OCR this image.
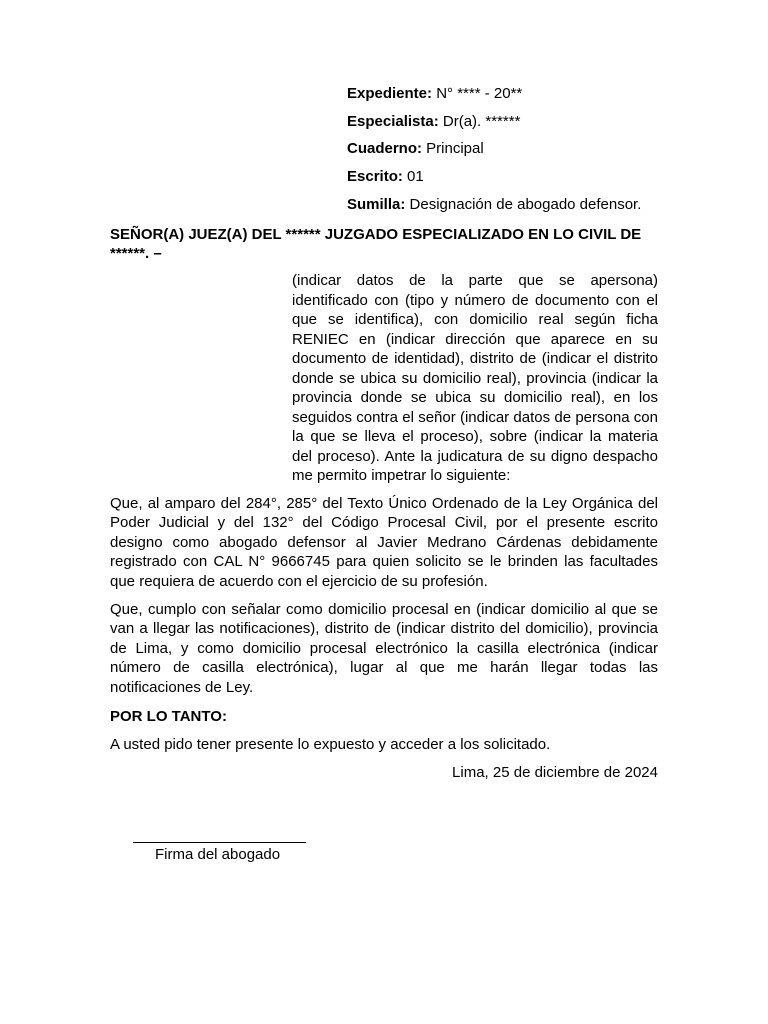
Expediente: N° **** - 20**
Especialista: Dr(a). ******
Cuaderno: Principal
Escrito: 01
Sumilla: Designación de abogado defensor.
SEÑOR(A) JUEZ(A) DEL ****** JUZGADO ESPECIALIZADO EN LO CIVIL DE ******. –
(indicar datos de la parte que se apersona) identificado con (tipo y número de documento con el que se identifica), con domicilio real según ficha RENIEC en (indicar dirección que aparece en su documento de identidad), distrito de (indicar el distrito donde se ubica su domicilio real), provincia (indicar la provincia donde se ubica su domicilio real), en los seguidos contra el señor (indicar datos de persona con la que se lleva el proceso), sobre (indicar la materia del proceso). Ante la judicatura de su digno despacho me permito impetrar lo siguiente:
Que, al amparo del 284°, 285° del Texto Único Ordenado de la Ley Orgánica del Poder Judicial y del 132° del Código Procesal Civil, por el presente escrito designo como abogado defensor al Javier Medrano Cárdenas debidamente registrado con CAL N° 9666745 para quien solicito se le brinden las facultades que requiera de acuerdo con el ejercicio de su profesión.
Que, cumplo con señalar como domicilio procesal en (indicar domicilio al que se van a llegar las notificaciones), distrito de (indicar distrito del domicilio), provincia de Lima, y como domicilio procesal electrónico la casilla electrónica (indicar número de casilla electrónica), lugar al que me harán llegar todas las notificaciones de Ley.
POR LO TANTO:
A usted pido tener presente lo expuesto y acceder a los solicitado.
Lima, 25 de diciembre de 2024
Firma del abogado
